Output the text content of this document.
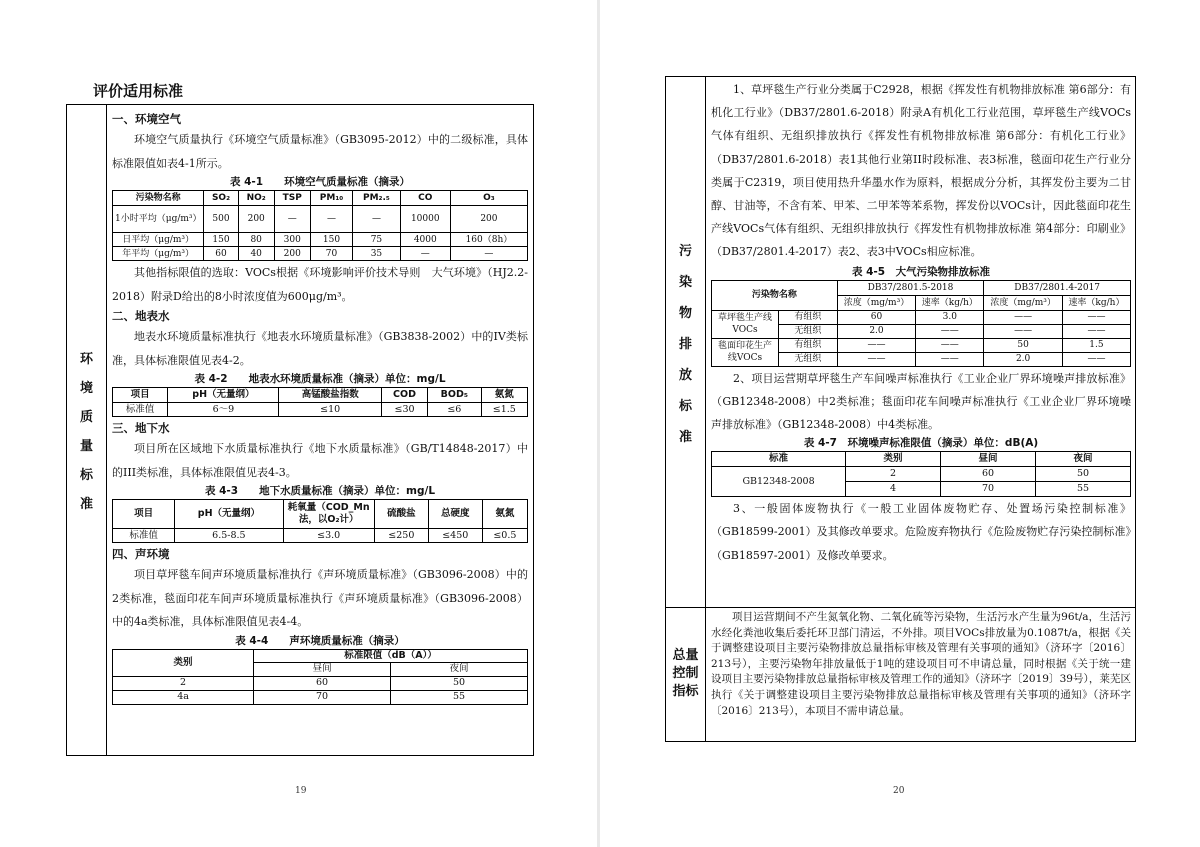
评价适用标准
环
境
质
量
标
准

一、环境空气

环境空气质量执行《环境空气质量标准》（GB3095-2012）中的二级标准，具体标准限值如表4-1所示。

表 4-1　　环境空气质量标准（摘录）

污染物名称	SO₂	NO₂	TSP	PM₁₀	PM₂.₅	CO	O₃
1小时平均（μg/m³）	500	200	—	—	—	10000	200
日平均（μg/m³）	150	80	300	150	75	4000	160（8h）
年平均（μg/m³）	60	40	200	70	35	—	—

其他指标限值的选取：VOCs根据《环境影响评价技术导则　大气环境》（HJ2.2-2018）附录D给出的8小时浓度值为600μg/m³。

二、地表水

地表水环境质量标准执行《地表水环境质量标准》（GB3838-2002）中的IV类标准，具体标准限值见表4-2。

表 4-2　　地表水环境质量标准（摘录）单位：mg/L

项目	pH（无量纲）	高锰酸盐指数	COD	BOD₅	氨氮
标准值	6～9	≤10	≤30	≤6	≤1.5

三、地下水

项目所在区域地下水质量标准执行《地下水质量标准》（GB/T14848-2017）中的III类标准，具体标准限值见表4-3。

表 4-3　　地下水质量标准（摘录）单位：mg/L

项目	pH（无量纲）	耗氧量（COD_Mn法，以O₂计）	硫酸盐	总硬度	氨氮
标准值	6.5-8.5	≤3.0	≤250	≤450	≤0.5

四、声环境

项目草坪毯车间声环境质量标准执行《声环境质量标准》（GB3096-2008）中的2类标准，毯面印花车间声环境质量标准执行《声环境质量标准》（GB3096-2008）中的4a类标准，具体标准限值见表4-4。

表 4-4　　声环境质量标准（摘录）

类别	标准限值（dB（A））	
	昼间	夜间
2	60	50
4a	70	55
19
污
染
物
排
放
标
准

1、草坪毯生产行业分类属于C2928，根据《挥发性有机物排放标准 第6部分：有机化工行业》（DB37/2801.6-2018）附录A有机化工行业范围，草坪毯生产线VOCs气体有组织、无组织排放执行《挥发性有机物排放标准 第6部分：有机化工行业》（DB37/2801.6-2018）表1其他行业第II时段标准、表3标准，毯面印花生产行业分类属于C2319，项目使用热升华墨水作为原料，根据成分分析，其挥发份主要为二甘醇、甘油等，不含有苯、甲苯、二甲苯等苯系物，挥发份以VOCs计，因此毯面印花生产线VOCs气体有组织、无组织排放执行《挥发性有机物排放标准 第4部分：印刷业》（DB37/2801.4-2017）表2、表3中VOCs相应标准。

表 4-5　大气污染物排放标准

污染物名称		DB37/2801.5-2018		DB37/2801.4-2017	
		浓度（mg/m³）	速率（kg/h）	浓度（mg/m³）	速率（kg/h）
草坪毯生产线VOCs	有组织	60	3.0	——	——
	无组织	2.0	——	——	——
毯面印花生产线VOCs	有组织	——	——	50	1.5
	无组织	——	——	2.0	——

2、项目运营期草坪毯生产车间噪声标准执行《工业企业厂界环境噪声排放标准》（GB12348-2008）中2类标准；毯面印花车间噪声标准执行《工业企业厂界环境噪声排放标准》（GB12348-2008）中4类标准。

表 4-7　环境噪声标准限值（摘录）单位：dB(A)

标准	类别	昼间	夜间
GB12348-2008	2	60	50
	4	70	55

3、一般固体废物执行《一般工业固体废物贮存、处置场污染控制标准》（GB18599-2001）及其修改单要求。危险废弃物执行《危险废物贮存污染控制标准》（GB18597-2001）及修改单要求。

总量
控制
指标

项目运营期间不产生氮氧化物、二氧化硫等污染物，生活污水产生量为96t/a，生活污水经化粪池收集后委托环卫部门清运，不外排。项目VOCs排放量为0.1087t/a，根据《关于调整建设项目主要污染物排放总量指标审核及管理有关事项的通知》（济环字〔2016〕213号），主要污染物年排放量低于1吨的建设项目可不申请总量，同时根据《关于统一建设项目主要污染物排放总量指标审核及管理工作的通知》（济环字〔2019〕39号），莱芜区执行《关于调整建设项目主要污染物排放总量指标审核及管理有关事项的通知》（济环字〔2016〕213号），本项目不需申请总量。

20
